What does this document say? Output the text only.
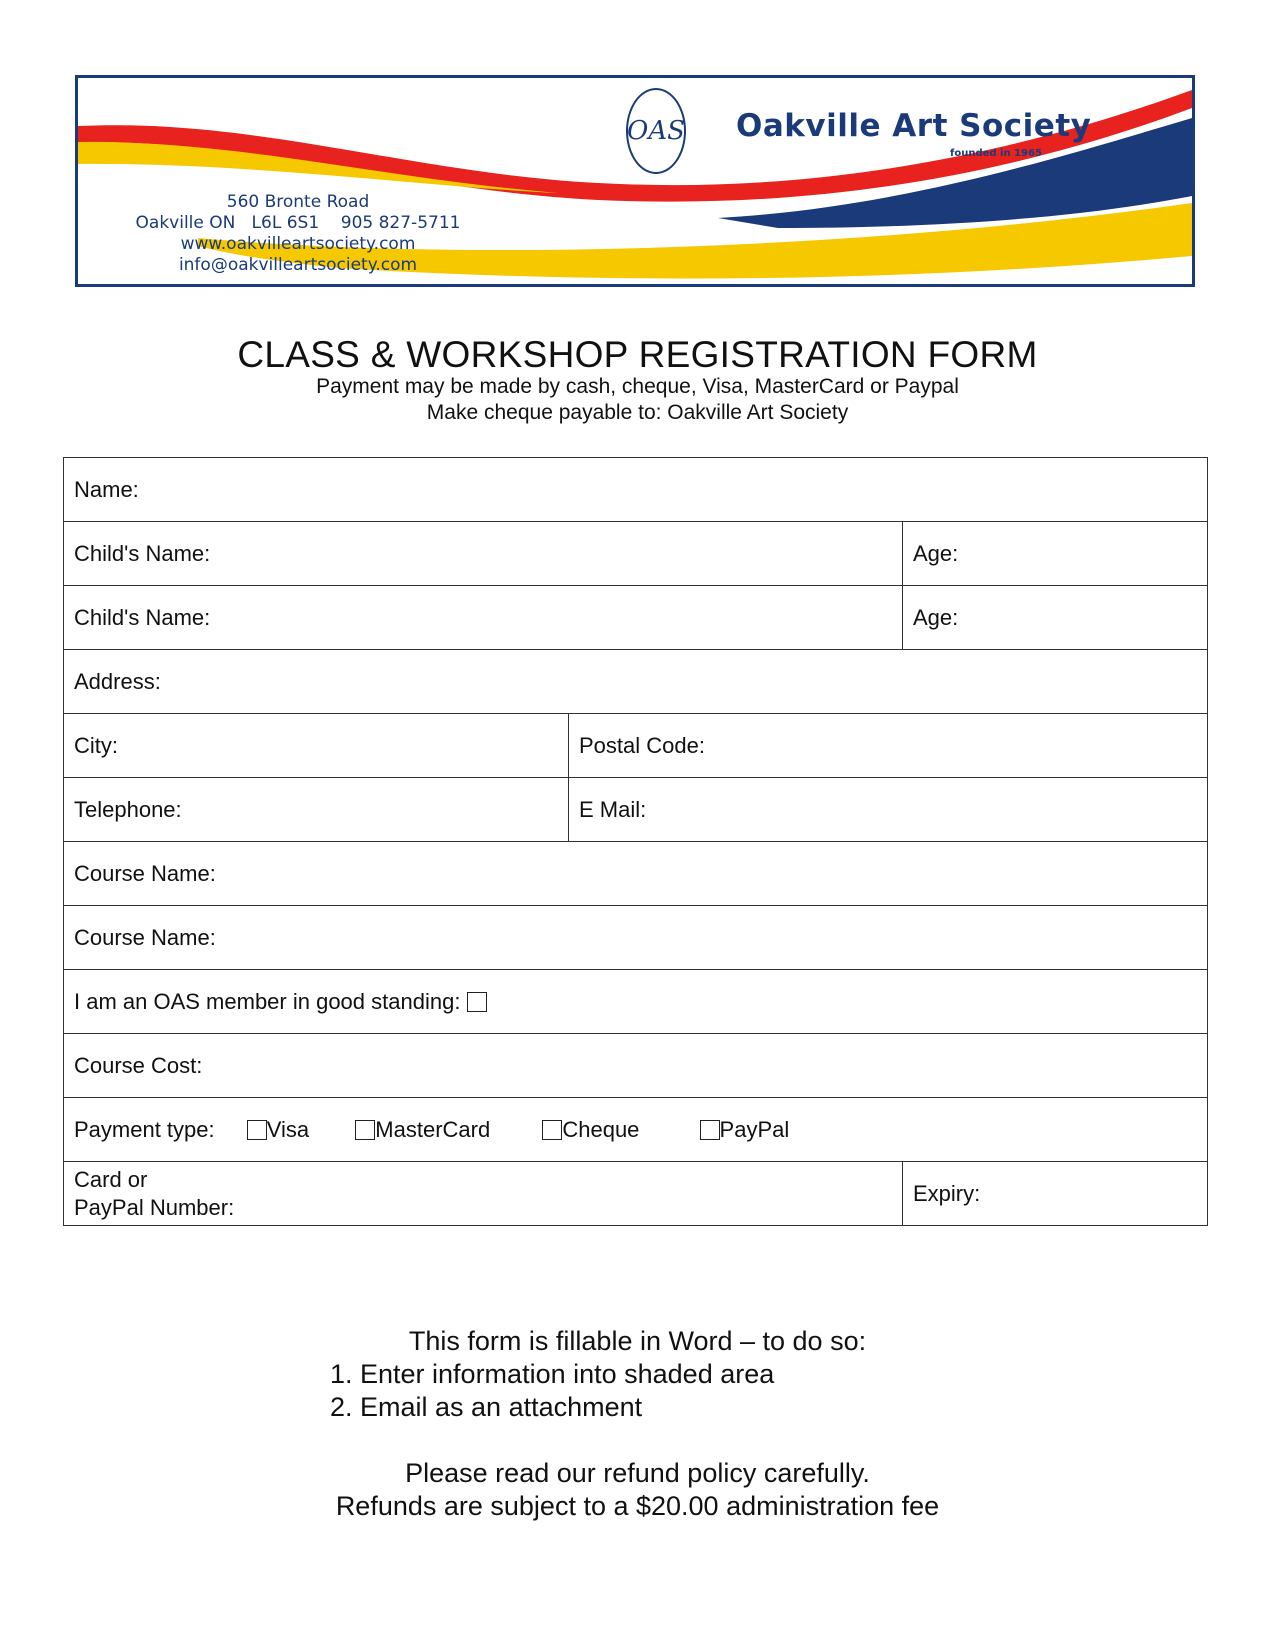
OAS Oakville Art Society
founded in 1965
560 Bronte Road
Oakville ON   L6L 6S1    905 827-5711
www.oakvilleartsociety.com
info@oakvilleartsociety.com
CLASS & WORKSHOP REGISTRATION FORM
Payment may be made by cash, cheque, Visa, MasterCard or Paypal
Make cheque payable to: Oakville Art Society
Name:		
Child's Name:		Age:
Child's Name:		Age:
Address:		
City:	Postal Code:	
Telephone:	E Mail:	
Course Name:		
Course Name:		
I am an OAS member in good standing:		
Course Cost:		
Payment type: Visa MasterCard Cheque PayPal		

Card or
PayPal Number:		Expiry:
This form is fillable in Word – to do so:
1. Enter information into shaded area
2. Email as an attachment
Please read our refund policy carefully.
Refunds are subject to a $20.00 administration fee
